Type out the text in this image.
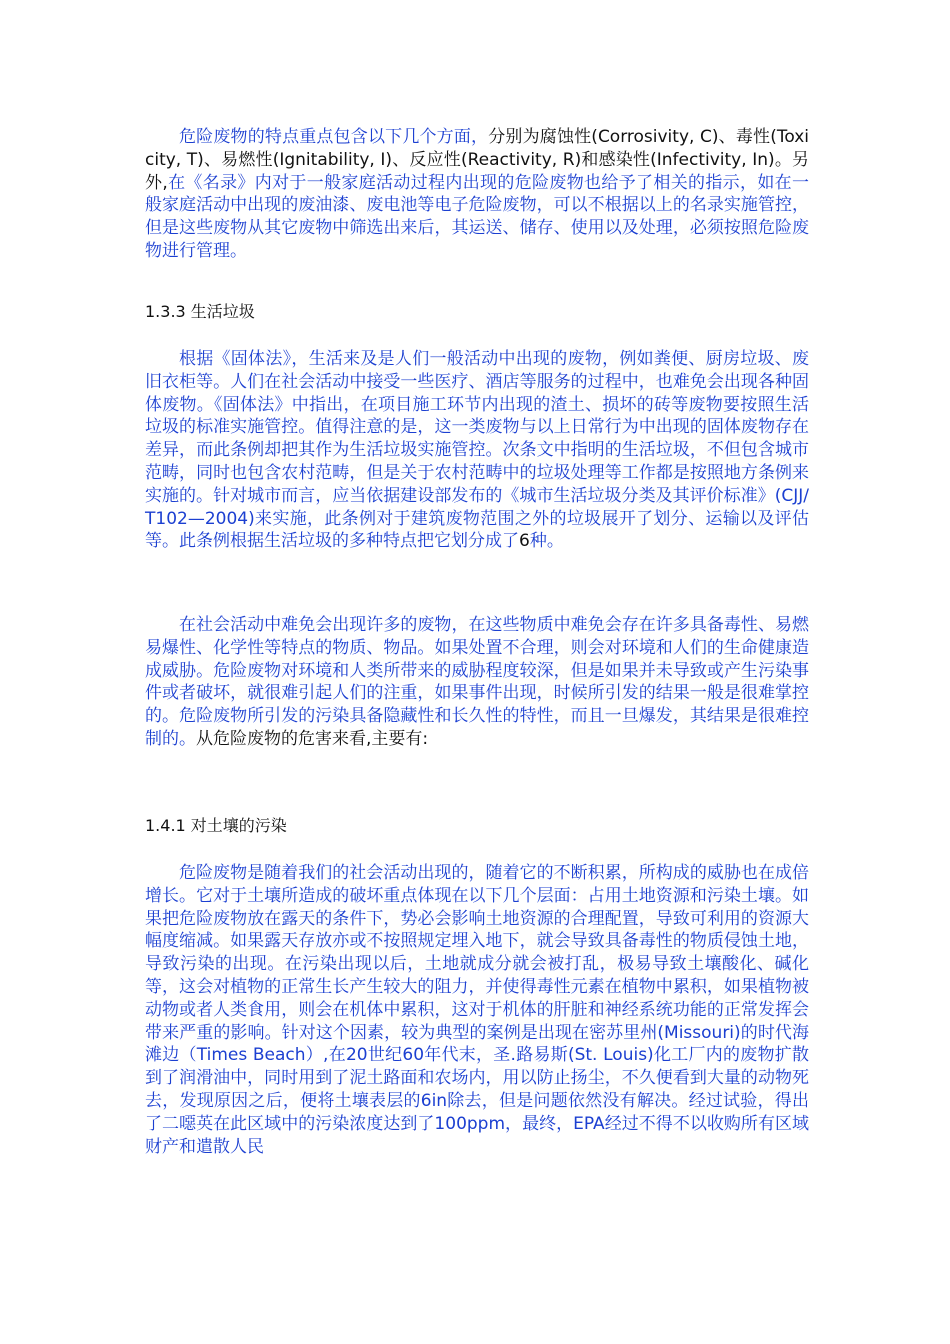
危险废物的特点重点包含以下几个方面，分别为腐蚀性(Corrosivity, C)、毒性(Toxicity, T)、易燃性(Ignitability, I)、反应性(Reactivity, R)和感染性(Infectivity, In)。另外,在《名录》内对于一般家庭活动过程内出现的危险废物也给予了相关的指示，如在一般家庭活动中出现的废油漆、废电池等电子危险废物，可以不根据以上的名录实施管控，但是这些废物从其它废物中筛选出来后，其运送、储存、使用以及处理，必须按照危险废物进行管理。

1.3.3 生活垃圾

根据《固体法》，生活来及是人们一般活动中出现的废物，例如粪便、厨房垃圾、废旧衣柜等。人们在社会活动中接受一些医疗、酒店等服务的过程中，也难免会出现各种固体废物。《固体法》中指出，在项目施工环节内出现的渣土、损坏的砖等废物要按照生活垃圾的标准实施管控。值得注意的是，这一类废物与以上日常行为中出现的固体废物存在差异，而此条例却把其作为生活垃圾实施管控。次条文中指明的生活垃圾，不但包含城市范畴，同时也包含农村范畴，但是关于农村范畴中的垃圾处理等工作都是按照地方条例来实施的。针对城市而言，应当依据建设部发布的《城市生活垃圾分类及其评价标准》(CJJ/T102—2004)来实施，此条例对于建筑废物范围之外的垃圾展开了划分、运输以及评估等。此条例根据生活垃圾的多种特点把它划分成了6种。

在社会活动中难免会出现许多的废物，在这些物质中难免会存在许多具备毒性、易燃易爆性、化学性等特点的物质、物品。如果处置不合理，则会对环境和人们的生命健康造成威胁。危险废物对环境和人类所带来的威胁程度较深，但是如果并未导致或产生污染事件或者破坏，就很难引起人们的注重，如果事件出现，时候所引发的结果一般是很难掌控的。危险废物所引发的污染具备隐藏性和长久性的特性，而且一旦爆发，其结果是很难控制的。从危险废物的危害来看,主要有:

1.4.1 对土壤的污染

危险废物是随着我们的社会活动出现的，随着它的不断积累，所构成的威胁也在成倍增长。它对于土壤所造成的破坏重点体现在以下几个层面：占用土地资源和污染土壤。如果把危险废物放在露天的条件下，势必会影响土地资源的合理配置，导致可利用的资源大幅度缩减。如果露天存放亦或不按照规定埋入地下，就会导致具备毒性的物质侵蚀土地，导致污染的出现。在污染出现以后，土地就成分就会被打乱，极易导致土壤酸化、碱化等，这会对植物的正常生长产生较大的阻力，并使得毒性元素在植物中累积，如果植物被动物或者人类食用，则会在机体中累积，这对于机体的肝脏和神经系统功能的正常发挥会带来严重的影响。针对这个因素，较为典型的案例是出现在密苏里州(Missouri)的时代海滩边（Times Beach）,在20世纪60年代末，圣.路易斯(St. Louis)化工厂内的废物扩散到了润滑油中，同时用到了泥土路面和农场内，用以防止扬尘，不久便看到大量的动物死去，发现原因之后，便将土壤表层的6in除去，但是问题依然没有解决。经过试验，得出了二噁英在此区域中的污染浓度达到了100ppm，最终，EPA经过不得不以收购所有区域财产和遣散人民
